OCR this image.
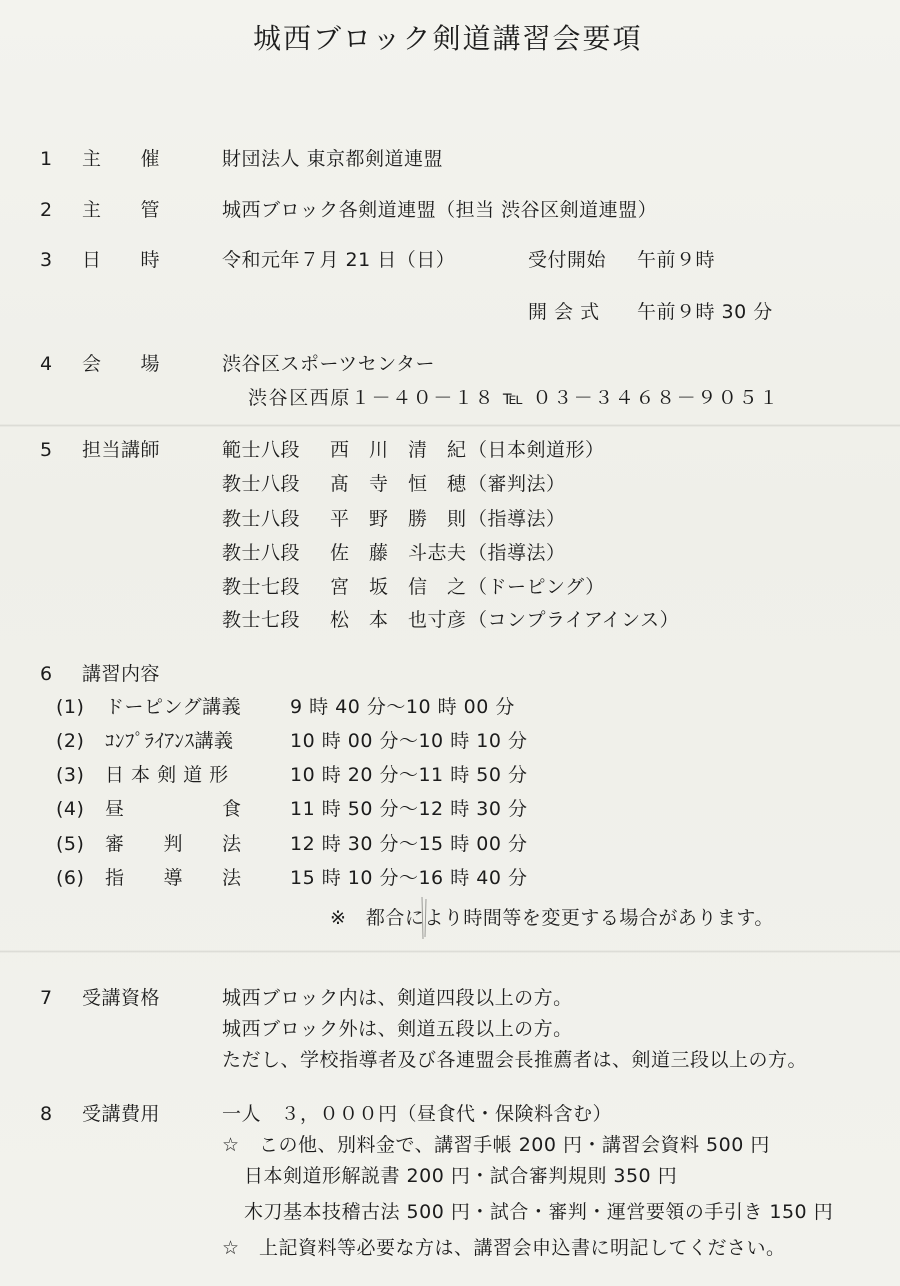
城西ブロック剣道講習会要項
1	主　　催	財団法人 東京都剣道連盟
2	主　　管	城西ブロック各剣道連盟（担当 渋谷区剣道連盟）
3	日　　時	令和元年７月 21 日（日）	受付開始 午前９時
開 会 式 午前９時 30 分
4	会　　場	渋谷区スポーツセンター
渋谷区西原１－４０－１８ ℡ ０３－３４６８－９０５１
5	担当講師	範士八段 西　川　清　紀 （日本剣道形）
教士八段 髙　寺　恒　穂 （審判法）
教士八段 平　野　勝　則 （指導法）
教士八段 佐　藤　斗志夫 （指導法）
教士七段 宮　坂　信　之 （ドーピング）
教士七段 松　本　也寸彦 （コンプライアインス）
6	講習内容
(1) ドーピング講義	9 時 40 分～10 時 00 分
(2) ｺﾝﾌﾟﾗｲｱﾝｽ講義	10 時 00 分～10 時 10 分
(3) 日 本 剣 道 形	10 時 20 分～11 時 50 分
(4) 昼　　　　　食	11 時 50 分～12 時 30 分
(5) 審　　判　　法	12 時 30 分～15 時 00 分
(6) 指　　導　　法	15 時 10 分～16 時 40 分
※　都合により時間等を変更する場合があります。
7	受講資格	城西ブロック内は、剣道四段以上の方。
城西ブロック外は、剣道五段以上の方。
ただし、学校指導者及び各連盟会長推薦者は、剣道三段以上の方。
8	受講費用	一人　３，０００円（昼食代・保険料含む）
☆　この他、別料金で、講習手帳 200 円・講習会資料 500 円
日本剣道形解説書 200 円・試合審判規則 350 円
木刀基本技稽古法 500 円・試合・審判・運営要領の手引き 150 円
☆　上記資料等必要な方は、講習会申込書に明記してください。
